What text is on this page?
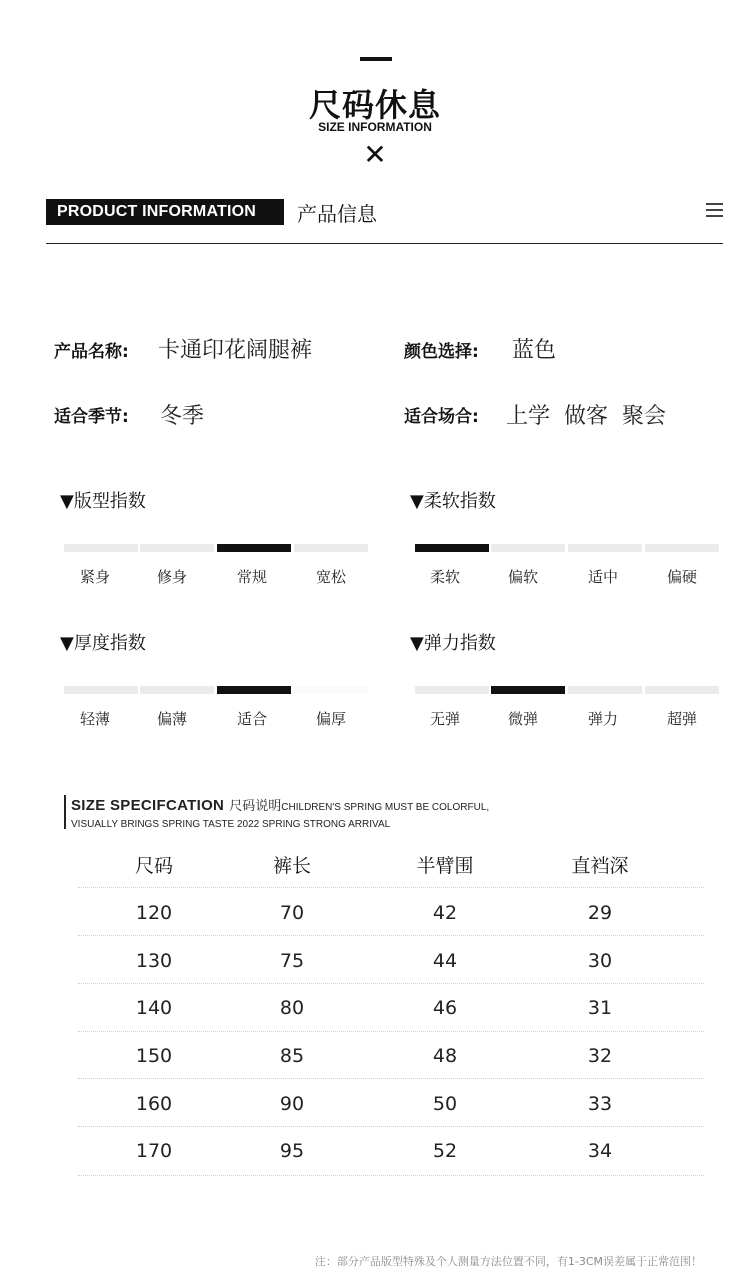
尺码休息
SIZE INFORMATION
✕
PRODUCT INFORMATION	产品信息
产品名称: 卡通印花阔腿裤	颜色选择: 蓝色
适合季节: 冬季	适合场合: 上学  做客  聚会
▼版型指数
紧身	修身	常规	宽松
▼柔软指数
柔软	偏软	适中	偏硬
▼厚度指数
轻薄	偏薄	适合	偏厚
▼弹力指数
无弹	微弹	弹力	超弹
SIZE SPECIFCATION 尺码说明CHILDREN'S SPRING MUST BE COLORFUL,
VISUALLY BRINGS SPRING TASTE 2022 SPRING STRONG ARRIVAL
尺码	裤长	半臂围	直裆深
120	70	42	29
130	75	44	30
140	80	46	31
150	85	48	32
160	90	50	33
170	95	52	34
注：部分产品版型特殊及个人测量方法位置不同，有1-3CM误差属于正常范围！
